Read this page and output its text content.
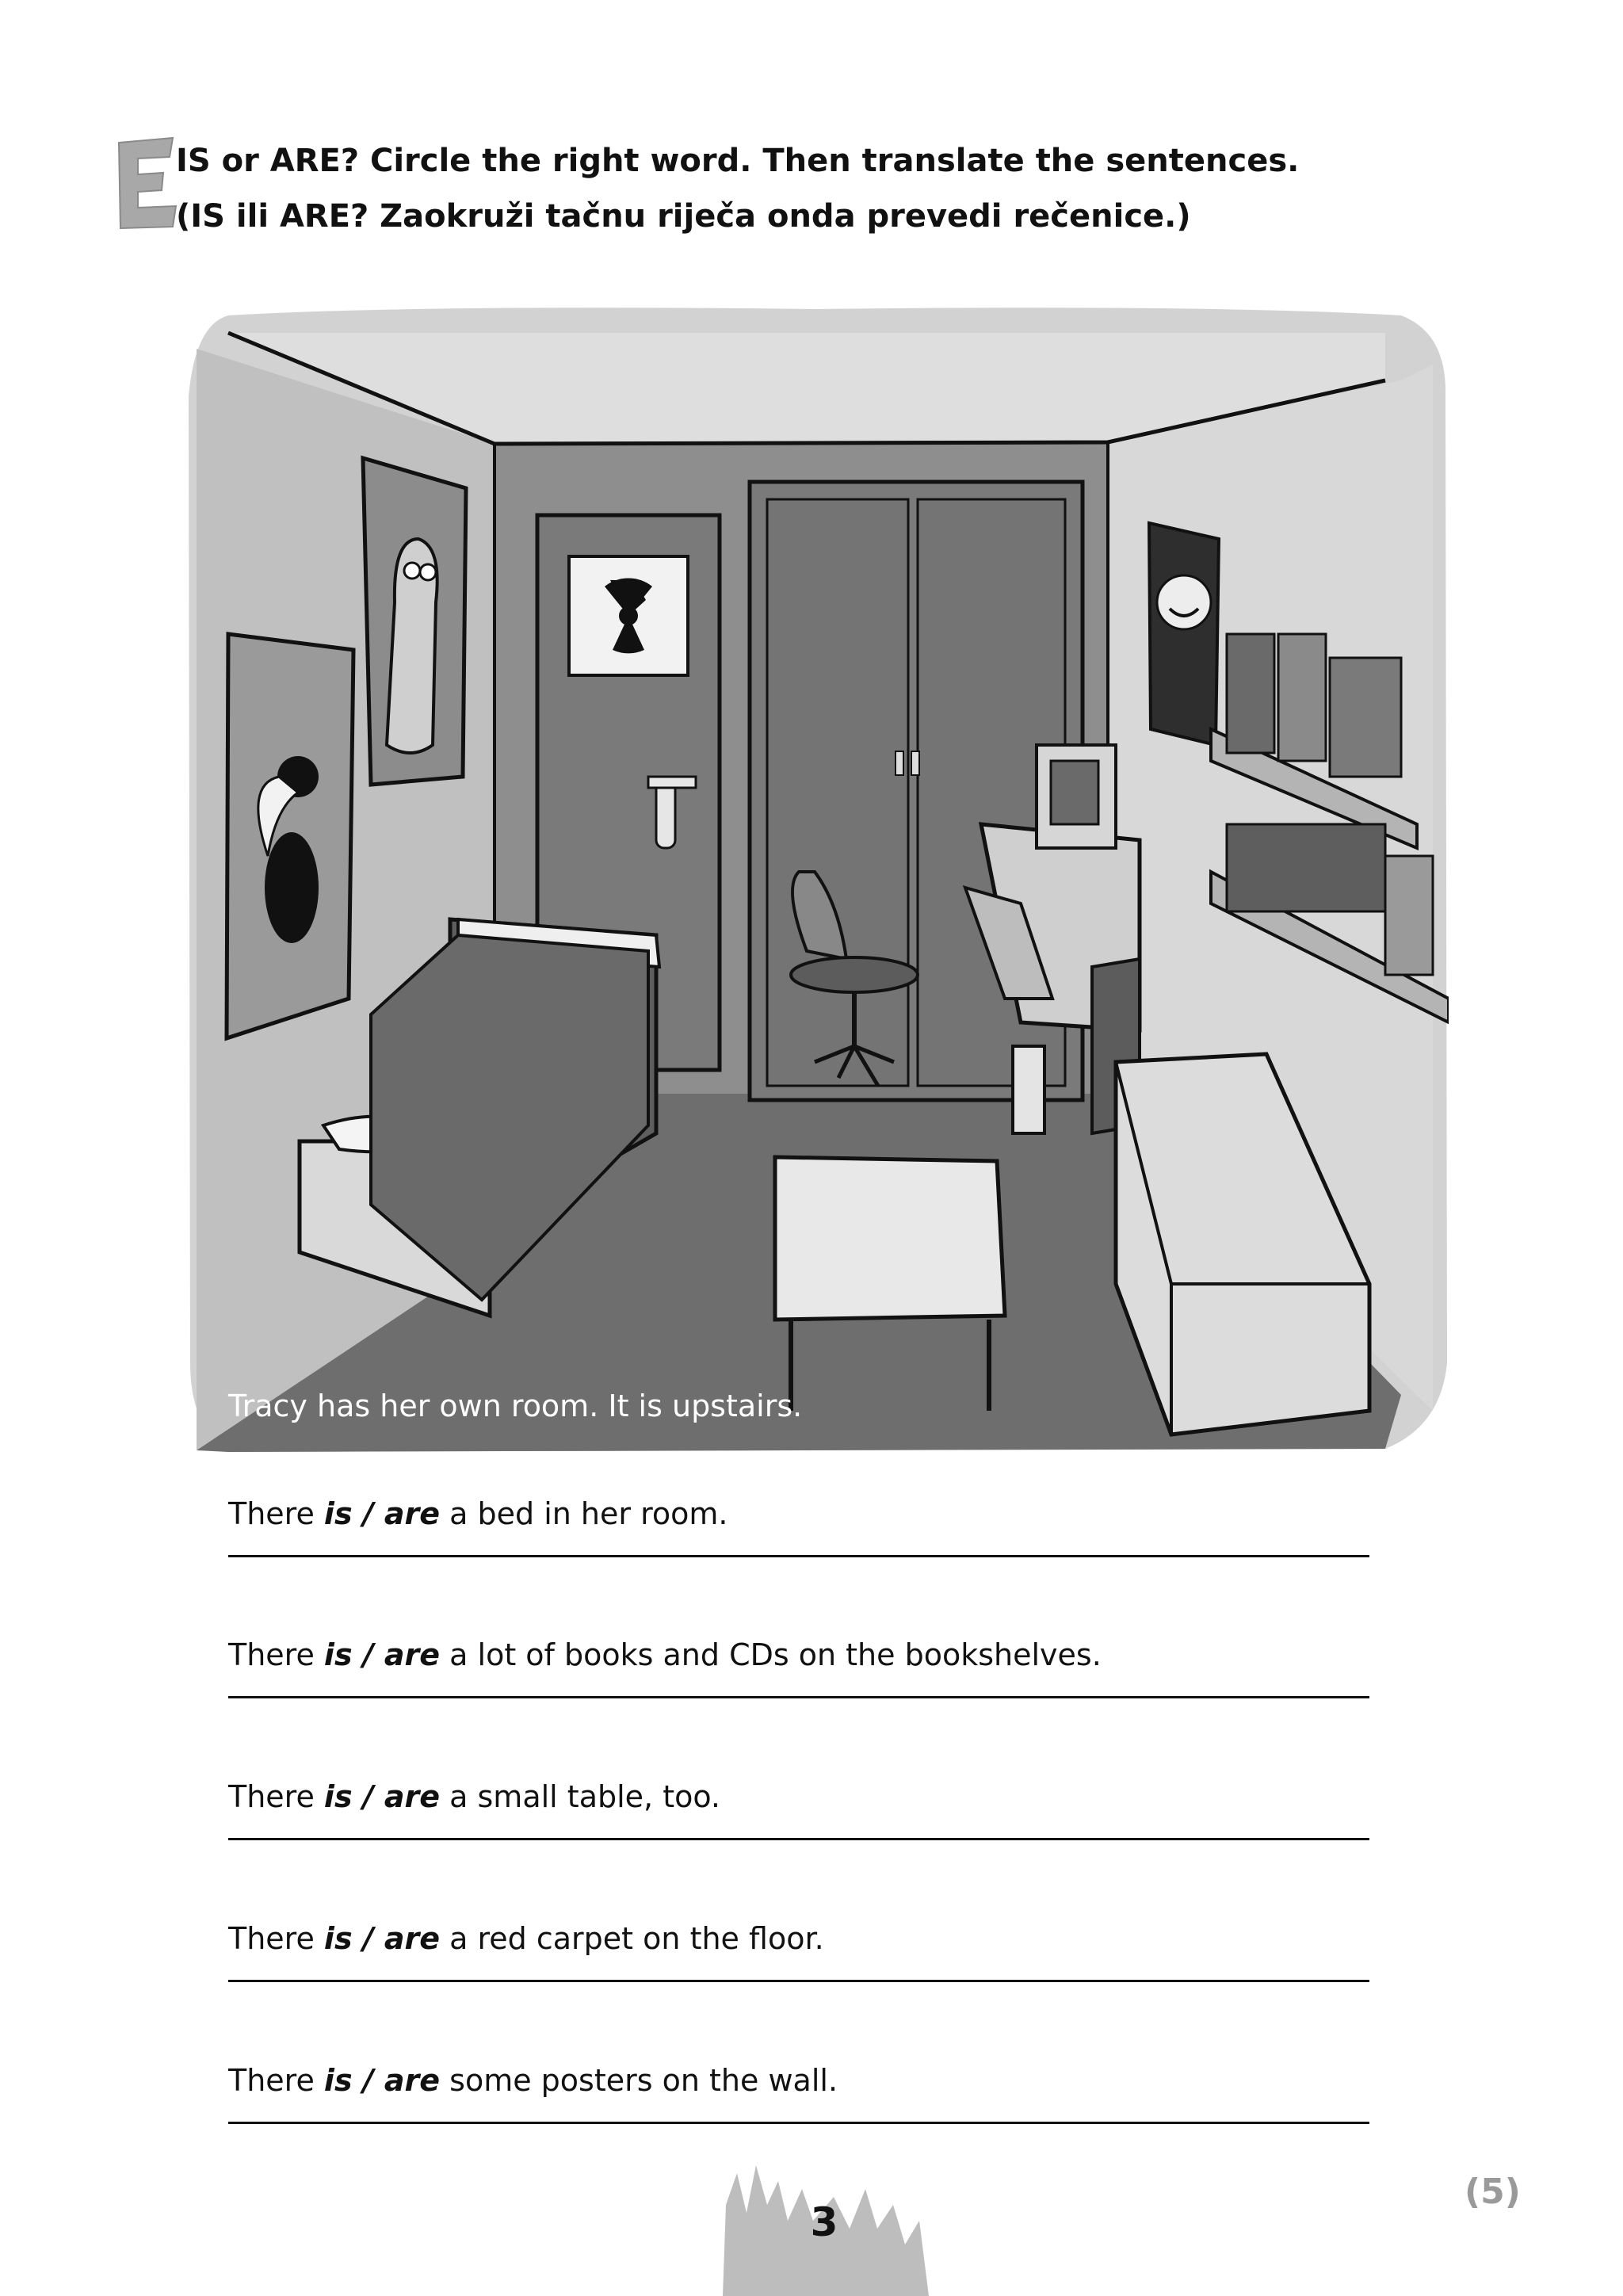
IS or ARE? Circle the right word. Then translate the sentences.
(IS ili ARE? Zaokruži tačnu riječa onda prevedi rečenice.)
Tracy has her own room. It is upstairs.
There is / are a bed in her room.
There is / are a lot of books and CDs on the bookshelves.
There is / are a small table, too.
There is / are a red carpet on the floor.
There is / are some posters on the wall.
3
(5)
